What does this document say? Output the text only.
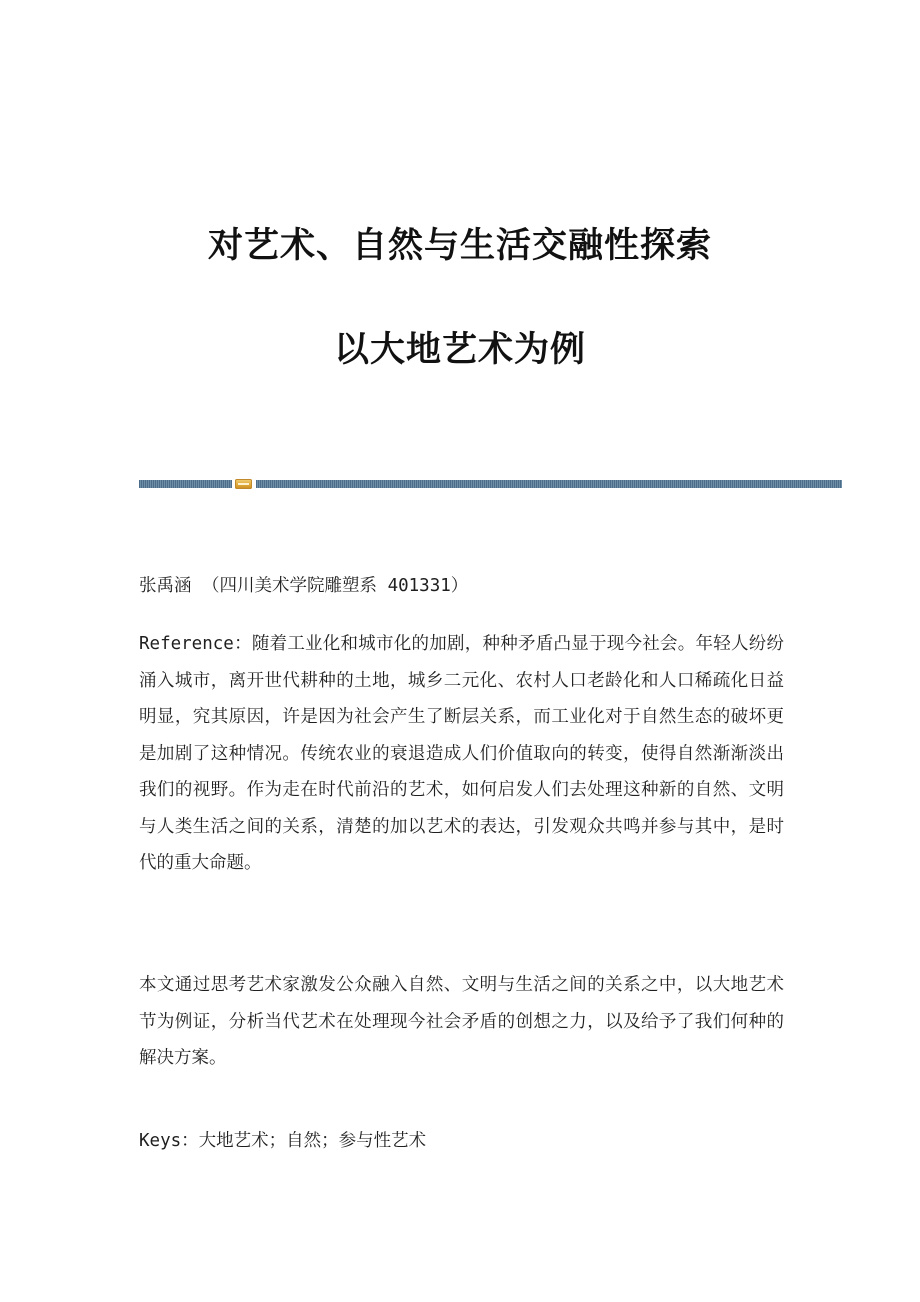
对艺术、自然与生活交融性探索
以大地艺术为例

张禹涵 （四川美术学院雕塑系 401331）

Reference：随着工业化和城市化的加剧，种种矛盾凸显于现今社会。年轻人纷纷涌入城市，离开世代耕种的土地，城乡二元化、农村人口老龄化和人口稀疏化日益明显，究其原因，许是因为社会产生了断层关系，而工业化对于自然生态的破坏更是加剧了这种情况。传统农业的衰退造成人们价值取向的转变，使得自然渐渐淡出我们的视野。作为走在时代前沿的艺术，如何启发人们去处理这种新的自然、文明与人类生活之间的关系，清楚的加以艺术的表达，引发观众共鸣并参与其中，是时代的重大命题。

本文通过思考艺术家激发公众融入自然、文明与生活之间的关系之中，以大地艺术节为例证，分析当代艺术在处理现今社会矛盾的创想之力，以及给予了我们何种的解决方案。

Keys：大地艺术；自然；参与性艺术
